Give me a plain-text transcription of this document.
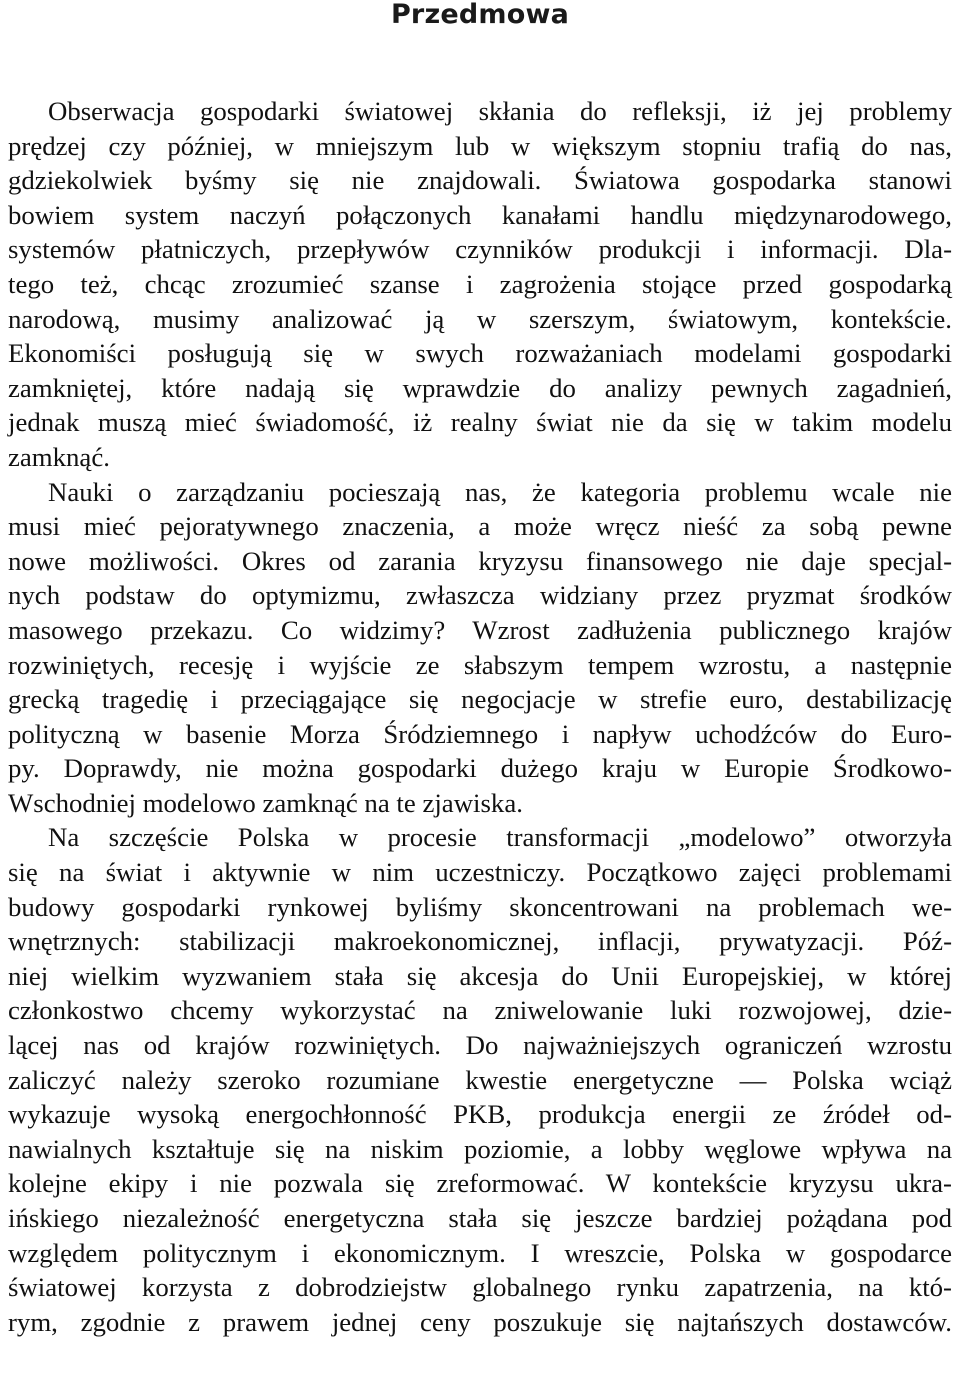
Przedmowa
Obserwacja gospodarki światowej skłania do refleksji, iż jej problemy
prędzej czy później, w mniejszym lub w większym stopniu trafią do nas,
gdziekolwiek byśmy się nie znajdowali. Światowa gospodarka stanowi
bowiem system naczyń połączonych kanałami handlu międzynarodowego,
systemów płatniczych, przepływów czynników produkcji i informacji. Dla-
tego też, chcąc zrozumieć szanse i zagrożenia stojące przed gospodarką
narodową, musimy analizować ją w szerszym, światowym, kontekście.
Ekonomiści posługują się w swych rozważaniach modelami gospodarki
zamkniętej, które nadają się wprawdzie do analizy pewnych zagadnień,
jednak muszą mieć świadomość, iż realny świat nie da się w takim modelu
zamknąć.
Nauki o zarządzaniu pocieszają nas, że kategoria problemu wcale nie
musi mieć pejoratywnego znaczenia, a może wręcz nieść za sobą pewne
nowe możliwości. Okres od zarania kryzysu finansowego nie daje specjal-
nych podstaw do optymizmu, zwłaszcza widziany przez pryzmat środków
masowego przekazu. Co widzimy? Wzrost zadłużenia publicznego krajów
rozwiniętych, recesję i wyjście ze słabszym tempem wzrostu, a następnie
grecką tragedię i przeciągające się negocjacje w strefie euro, destabilizację
polityczną w basenie Morza Śródziemnego i napływ uchodźców do Euro-
py. Doprawdy, nie można gospodarki dużego kraju w Europie Środkowo-
Wschodniej modelowo zamknąć na te zjawiska.
Na szczęście Polska w procesie transformacji „modelowo” otworzyła
się na świat i aktywnie w nim uczestniczy. Początkowo zajęci problemami
budowy gospodarki rynkowej byliśmy skoncentrowani na problemach we-
wnętrznych: stabilizacji makroekonomicznej, inflacji, prywatyzacji. Póź-
niej wielkim wyzwaniem stała się akcesja do Unii Europejskiej, w której
członkostwo chcemy wykorzystać na zniwelowanie luki rozwojowej, dzie-
lącej nas od krajów rozwiniętych. Do najważniejszych ograniczeń wzrostu
zaliczyć należy szeroko rozumiane kwestie energetyczne — Polska wciąż
wykazuje wysoką energochłonność PKB, produkcja energii ze źródeł od-
nawialnych kształtuje się na niskim poziomie, a lobby węglowe wpływa na
kolejne ekipy i nie pozwala się zreformować. W kontekście kryzysu ukra-
ińskiego niezależność energetyczna stała się jeszcze bardziej pożądana pod
względem politycznym i ekonomicznym. I wreszcie, Polska w gospodarce
światowej korzysta z dobrodziejstw globalnego rynku zapatrzenia, na któ-
rym, zgodnie z prawem jednej ceny poszukuje się najtańszych dostawców.
